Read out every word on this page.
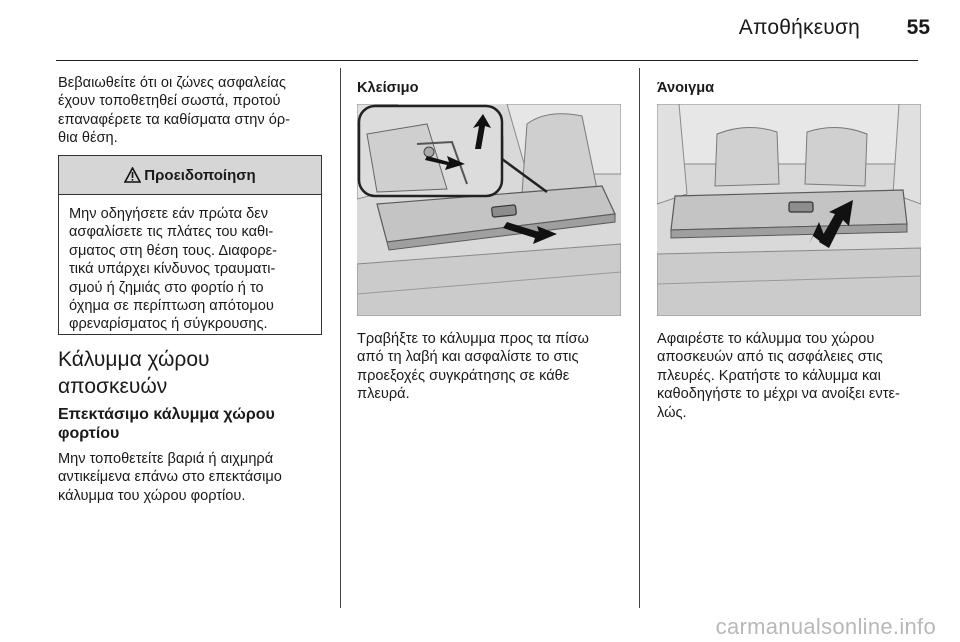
Αποθήκευση	55

Βεβαιωθείτε ότι οι ζώνες ασφαλείας
έχουν τοποθετηθεί σωστά, προτού
επαναφέρετε τα καθίσματα στην όρ-
θια θέση.

Προειδοποίηση

Μην οδηγήσετε εάν πρώτα δεν
ασφαλίσετε τις πλάτες του καθι-
σματος στη θέση τους. Διαφορε-
τικά υπάρχει κίνδυνος τραυματι-
σμού ή ζημιάς στο φορτίο ή το
όχημα σε περίπτωση απότομου
φρεναρίσματος ή σύγκρουσης.

Κάλυμμα χώρου
αποσκευών
Επεκτάσιμο κάλυμμα χώρου
φορτίου

Μην τοποθετείτε βαριά ή αιχμηρά
αντικείμενα επάνω στο επεκτάσιμο
κάλυμμα του χώρου φορτίου.

Κλείσιμο

Τραβήξτε το κάλυμμα προς τα πίσω
από τη λαβή και ασφαλίστε το στις
προεξοχές συγκράτησης σε κάθε
πλευρά.

Άνοιγμα

Αφαιρέστε το κάλυμμα του χώρου
αποσκευών από τις ασφάλειες στις
πλευρές. Κρατήστε το κάλυμμα και
καθοδηγήστε το μέχρι να ανοίξει εντε-
λώς.

carmanualsonline.info
